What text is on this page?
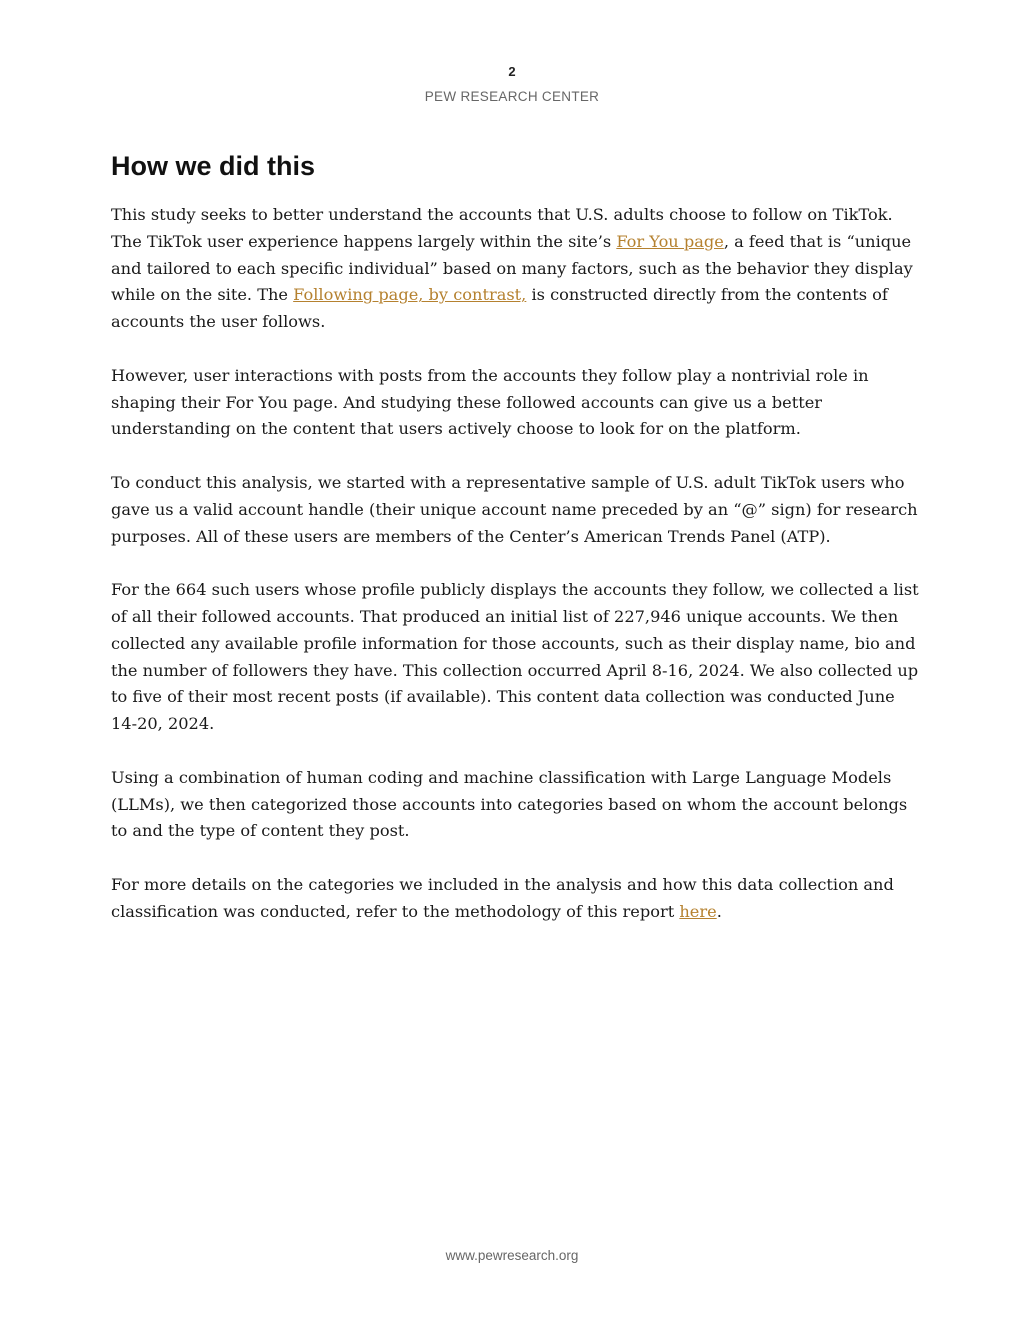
2
PEW RESEARCH CENTER
How we did this

This study seeks to better understand the accounts that U.S. adults choose to follow on TikTok. The TikTok user experience happens largely within the site’s For You page, a feed that is “unique and tailored to each specific individual” based on many factors, such as the behavior they display while on the site. The Following page, by contrast, is constructed directly from the contents of accounts the user follows.

However, user interactions with posts from the accounts they follow play a nontrivial role in shaping their For You page. And studying these followed accounts can give us a better understanding on the content that users actively choose to look for on the platform.

To conduct this analysis, we started with a representative sample of U.S. adult TikTok users who gave us a valid account handle (their unique account name preceded by an “@” sign) for research purposes. All of these users are members of the Center’s American Trends Panel (ATP).

For the 664 such users whose profile publicly displays the accounts they follow, we collected a list of all their followed accounts. That produced an initial list of 227,946 unique accounts. We then collected any available profile information for those accounts, such as their display name, bio and the number of followers they have. This collection occurred April 8-16, 2024. We also collected up to five of their most recent posts (if available). This content data collection was conducted June 14-20, 2024.

Using a combination of human coding and machine classification with Large Language Models (LLMs), we then categorized those accounts into categories based on whom the account belongs to and the type of content they post.

For more details on the categories we included in the analysis and how this data collection and classification was conducted, refer to the methodology of this report here.

www.pewresearch.org
